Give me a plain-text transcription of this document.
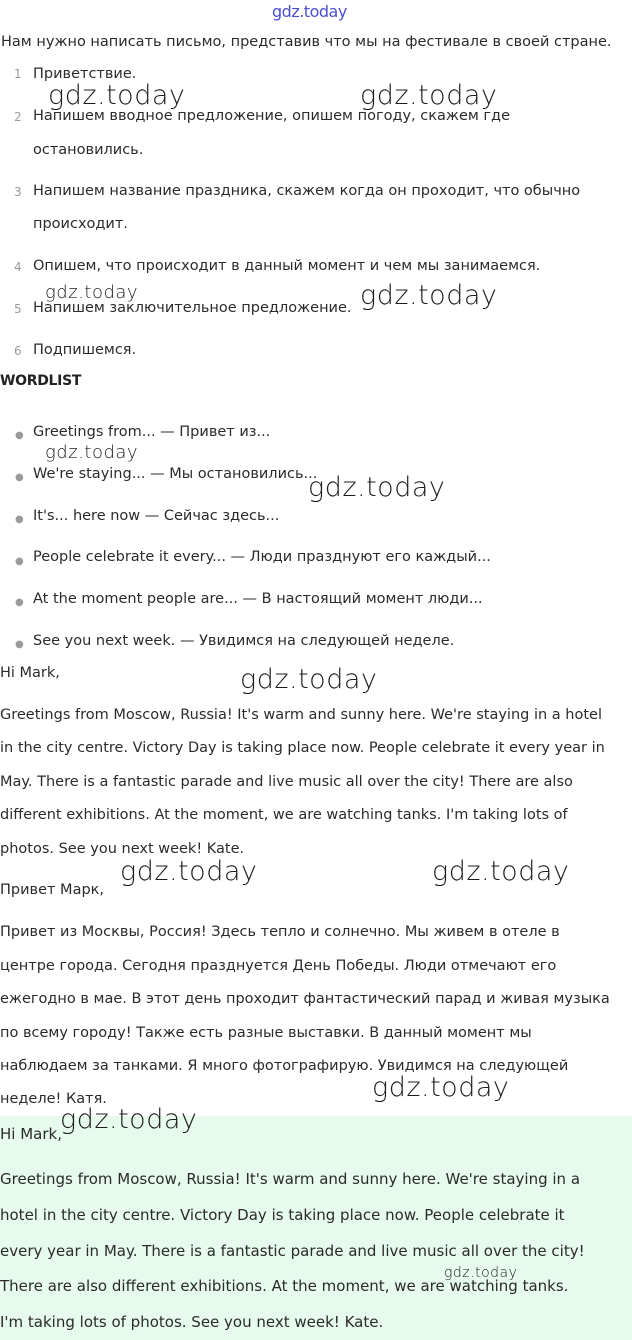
gdz.today
Нам нужно написать письмо, представив что мы на фестивале в своей стране.
1 Приветствие.
2 Напишем вводное предложение, опишем погоду, скажем где
остановились.
3 Напишем название праздника, скажем когда он проходит, что обычно
происходит.
4 Опишем, что происходит в данный момент и чем мы занимаемся.
5 Напишем заключительное предложение.
6 Подпишемся.
WORDLIST
● Greetings from... — Привет из...
● We're staying... — Мы остановились...
● It's... here now — Сейчас здесь...
● People celebrate it every... — Люди празднуют его каждый...
● At the moment people are... — В настоящий момент люди...
● See you next week. — Увидимся на следующей неделе.
Hi Mark,
Greetings from Moscow, Russia! It's warm and sunny here. We're staying in a hotel
in the city centre. Victory Day is taking place now. People celebrate it every year in
May. There is a fantastic parade and live music all over the city! There are also
different exhibitions. At the moment, we are watching tanks. I'm taking lots of
photos. See you next week! Kate.
Привет Марк,
Привет из Москвы, Россия! Здесь тепло и солнечно. Мы живем в отеле в
центре города. Сегодня празднуется День Победы. Люди отмечают его
ежегодно в мае. В этот день проходит фантастический парад и живая музыка
по всему городу! Также есть разные выставки. В данный момент мы
наблюдаем за танками. Я много фотографирую. Увидимся на следующей
неделе! Катя.
Hi Mark,
Greetings from Moscow, Russia! It's warm and sunny here. We're staying in a
hotel in the city centre. Victory Day is taking place now. People celebrate it
every year in May. There is a fantastic parade and live music all over the city!
There are also different exhibitions. At the moment, we are watching tanks.
I'm taking lots of photos. See you next week! Kate.
gdz.today	gdz.today
gdz.today	gdz.today
gdz.today
gdz.today
gdz.today
gdz.today	gdz.today
gdz.today
gdz.today
gdz.today
